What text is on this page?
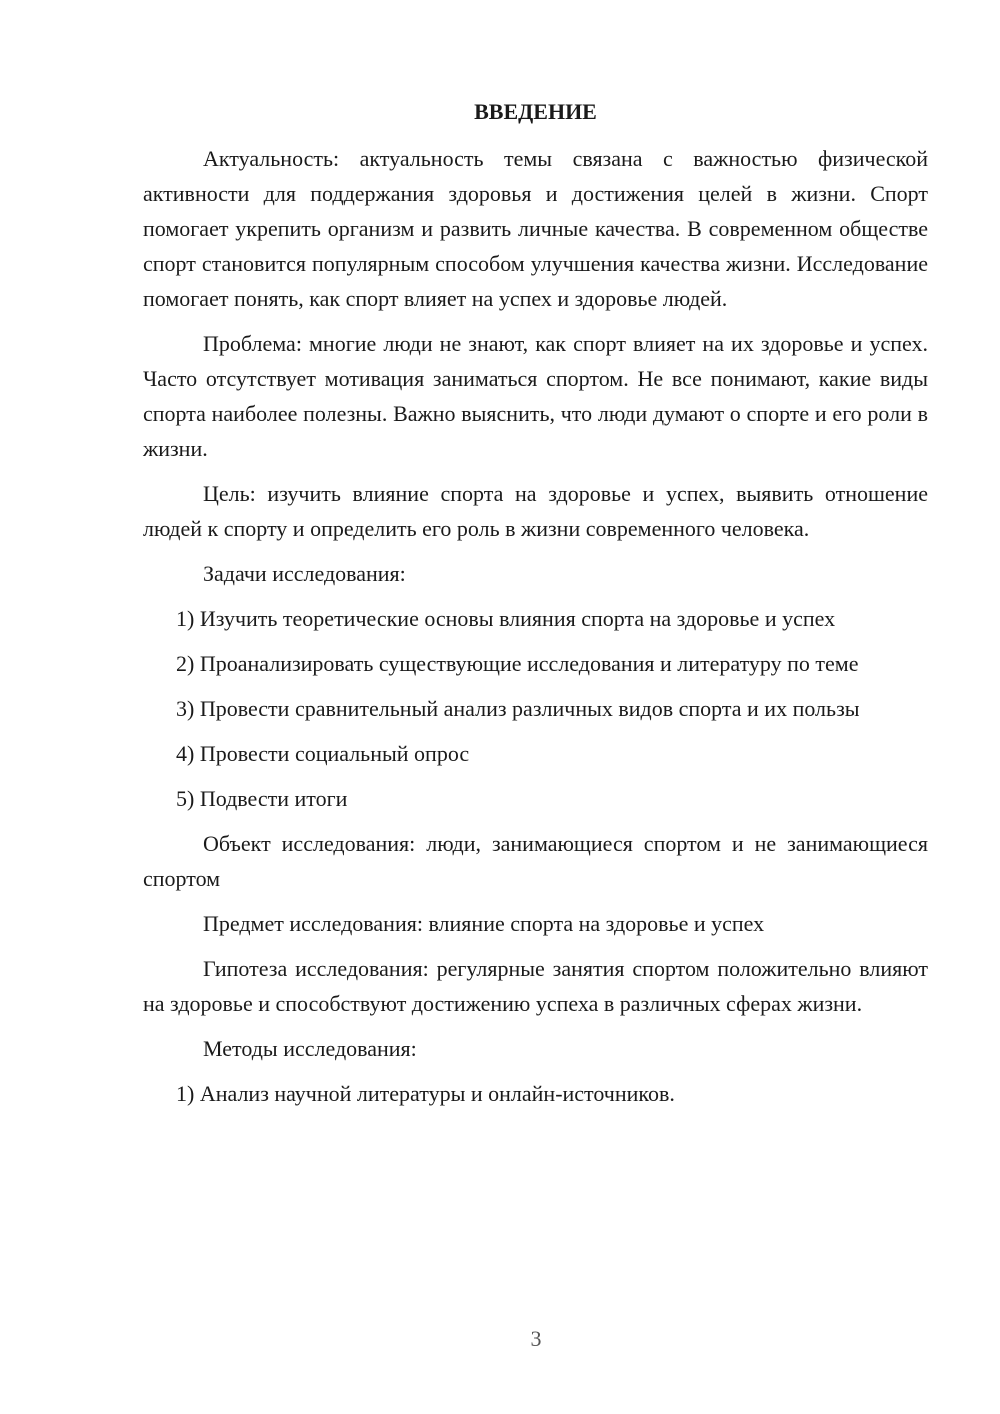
ВВЕДЕНИЕ

Актуальность: актуальность темы связана с важностью физической активности для поддержания здоровья и достижения целей в жизни. Спорт помогает укрепить организм и развить личные качества. В современном обществе спорт становится популярным способом улучшения качества жизни. Исследование помогает понять, как спорт влияет на успех и здоровье людей.

Проблема: многие люди не знают, как спорт влияет на их здоровье и успех. Часто отсутствует мотивация заниматься спортом. Не все понимают, какие виды спорта наиболее полезны. Важно выяснить, что люди думают о спорте и его роли в жизни.

Цель: изучить влияние спорта на здоровье и успех, выявить отношение людей к спорту и определить его роль в жизни современного человека.

Задачи исследования:

1) Изучить теоретические основы влияния спорта на здоровье и успех

2) Проанализировать существующие исследования и литературу по теме

3) Провести сравнительный анализ различных видов спорта и их пользы

4) Провести социальный опрос

5) Подвести итоги

Объект исследования: люди, занимающиеся спортом и не занимающиеся спортом

Предмет исследования: влияние спорта на здоровье и успех

Гипотеза исследования: регулярные занятия спортом положительно влияют на здоровье и способствуют достижению успеха в различных сферах жизни.

Методы исследования:

1) Анализ научной литературы и онлайн-источников.

3
